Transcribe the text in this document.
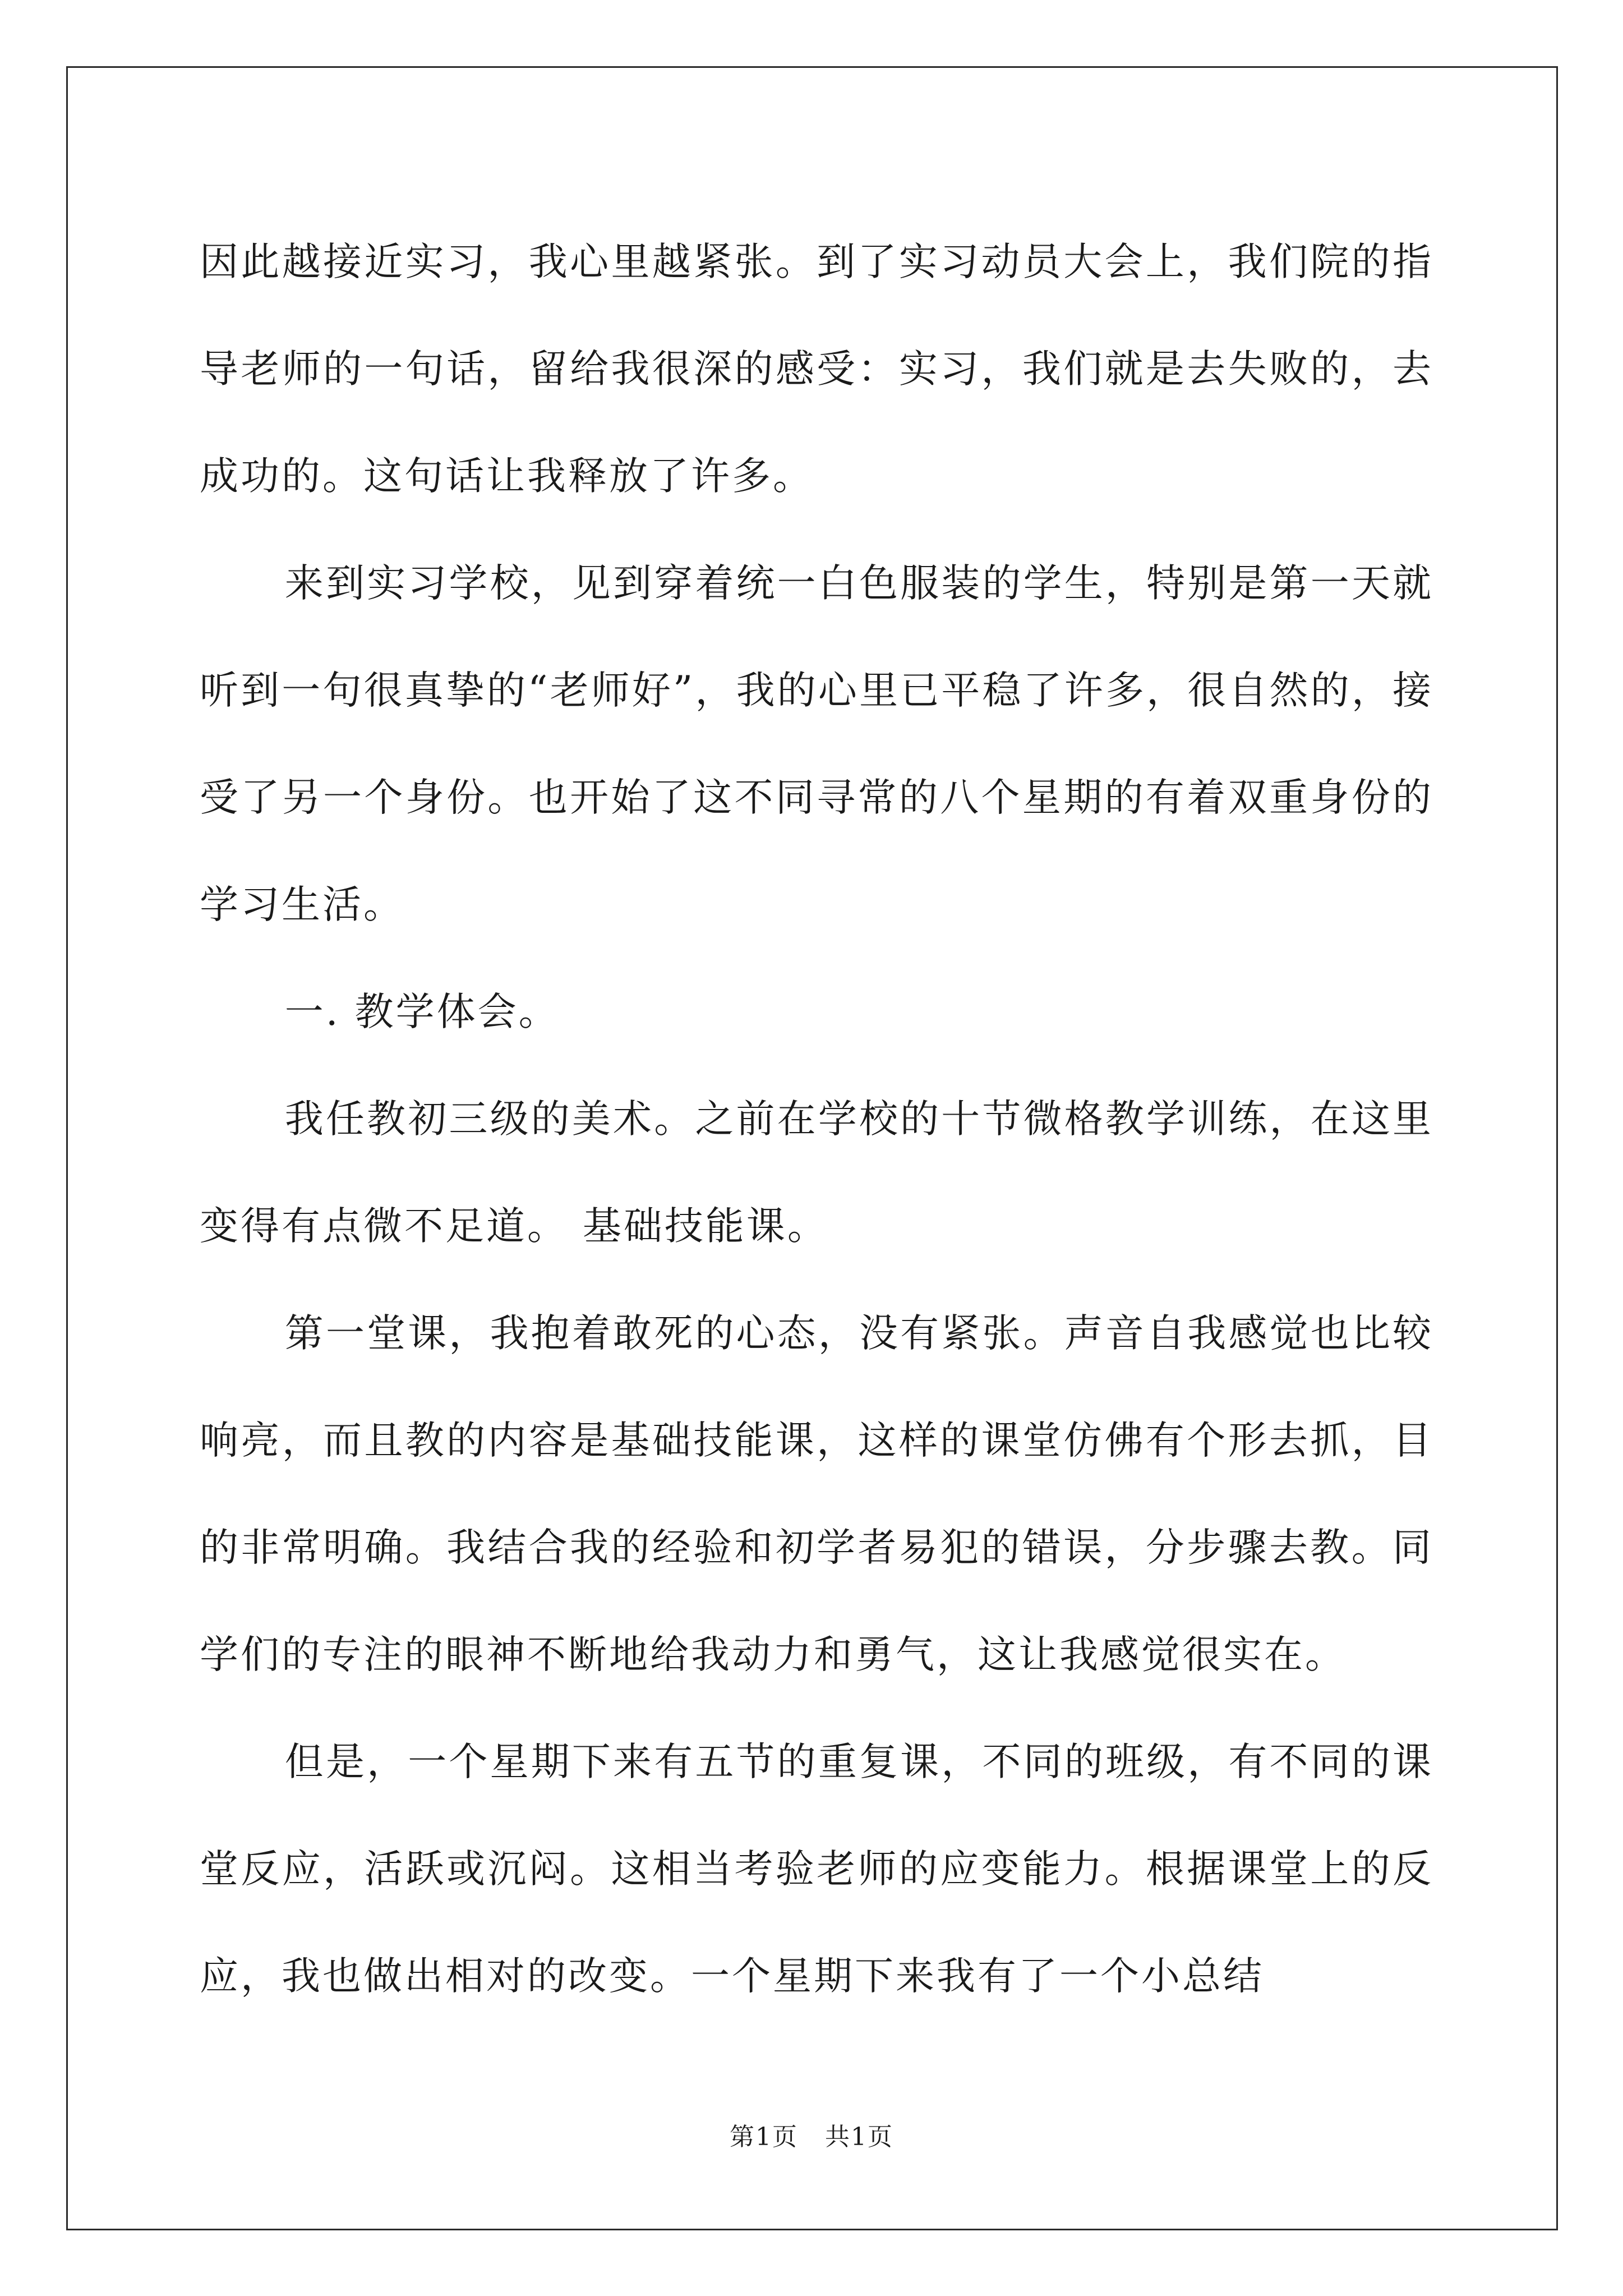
因此越接近实习，我心里越紧张。到了实习动员大会上，我们院的指导老师的一句话，留给我很深的感受：实习，我们就是去失败的，去成功的。这句话让我释放了许多。

来到实习学校，见到穿着统一白色服装的学生，特别是第一天就听到一句很真挚的“老师好”，我的心里已平稳了许多，很自然的，接受了另一个身份。也开始了这不同寻常的八个星期的有着双重身份的学习生活。

一. 教学体会。

我任教初三级的美术。之前在学校的十节微格教学训练，在这里变得有点微不足道。 基础技能课。

第一堂课，我抱着敢死的心态，没有紧张。声音自我感觉也比较响亮，而且教的内容是基础技能课，这样的课堂仿佛有个形去抓，目的非常明确。我结合我的经验和初学者易犯的错误，分步骤去教。同学们的专注的眼神不断地给我动力和勇气，这让我感觉很实在。

但是，一个星期下来有五节的重复课，不同的班级，有不同的课堂反应，活跃或沉闷。这相当考验老师的应变能力。根据课堂上的反应，我也做出相对的改变。一个星期下来我有了一个小总结

第1页 共1页
